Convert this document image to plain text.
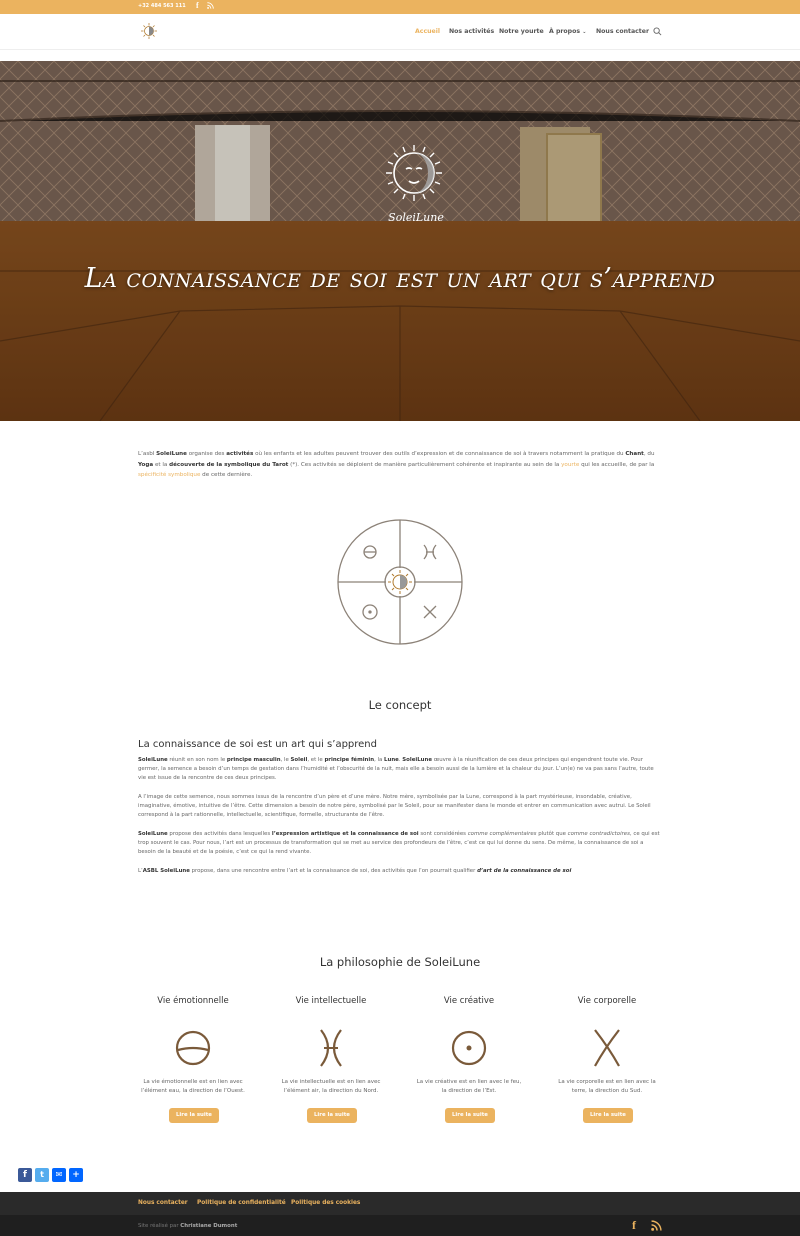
+32 484 563 111 f
Accueil Nos activités Notre yourte À propos ⌄ Nous contacter
SoleiLune
La connaissance de soi est un art qui s’apprend
L’asbl SoleiLune organise des activités où les enfants et les adultes peuvent trouver des outils d’expression et de connaissance de soi à travers notamment la pratique du Chant, du Yoga et la découverte de la symbolique du Tarot (*). Ces activités se déploient de manière particulièrement cohérente et inspirante au sein de la yourte qui les accueille, de par la spécificité symbolique de cette dernière.
Le concept
La connaissance de soi est un art qui s’apprend
SoleiLune réunit en son nom le principe masculin, le Soleil, et le principe féminin, la Lune. SoleiLune œuvre à la réunification de ces deux principes qui engendrent toute vie. Pour germer, la semence a besoin d’un temps de gestation dans l’humidité et l’obscurité de la nuit, mais elle a besoin aussi de la lumière et la chaleur du jour. L’un(e) ne va pas sans l’autre, toute vie est issue de la rencontre de ces deux principes.
A l’image de cette semence, nous sommes issus de la rencontre d’un père et d’une mère. Notre mère, symbolisée par la Lune, correspond à la part mystérieuse, insondable, créative, imaginative, émotive, intuitive de l’être. Cette dimension a besoin de notre père, symbolisé par le Soleil, pour se manifester dans le monde et entrer en communication avec autrui. Le Soleil correspond à la part rationnelle, intellectuelle, scientifique, formelle, structurante de l’être.
SoleiLune propose des activités dans lesquelles l’expression artistique et la connaissance de soi sont considérées comme complémentaires plutôt que comme contradictoires, ce qui est trop souvent le cas. Pour nous, l’art est un processus de transformation qui se met au service des profondeurs de l’être, c’est ce qui lui donne du sens. De même, la connaissance de soi a besoin de la beauté et de la poésie, c’est ce qui la rend vivante.
L’ASBL SoleiLune propose, dans une rencontre entre l’art et la connaissance de soi, des activités que l’on pourrait qualifier d’art de la connaissance de soi
La philosophie de SoleiLune
Vie émotionnelle
La vie émotionnelle est en lien avec l’élément eau, la direction de l’Ouest.
Lire la suite
Vie intellectuelle
La vie intellectuelle est en lien avec l’élément air, la direction du Nord.
Lire la suite
Vie créative
La vie créative est en lien avec le feu, la direction de l’Est.
Lire la suite
Vie corporelle
La vie corporelle est en lien avec la terre, la direction du Sud.
Lire la suite
f	t	✉	+
Nous contacter Politique de confidentialité Politique des cookies
Site réalisé par Christiane Dumont	f
